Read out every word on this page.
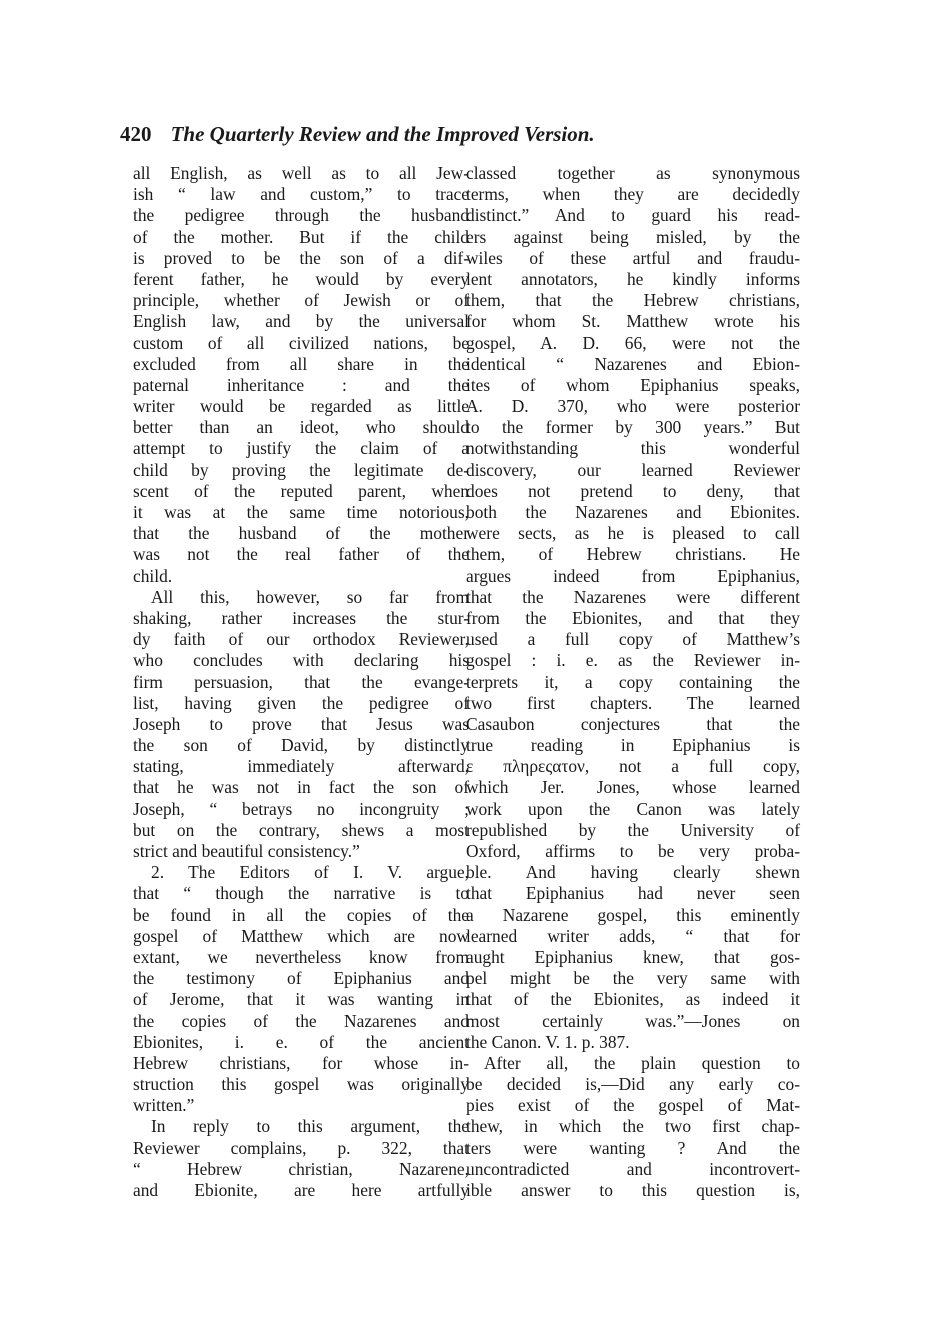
420 The Quarterly Review and the Improved Version.
all English, as well as to all Jew-
ish “ law and custom,” to trace
the pedigree through the husband
of the mother. But if the child
is proved to be the son of a dif-
ferent father, he would by every
principle, whether of Jewish or of
English law, and by the universal
custom of all civilized nations, be
excluded from all share in the
paternal inheritance : and the
writer would be regarded as little
better than an ideot, who should
attempt to justify the claim of a
child by proving the legitimate de-
scent of the reputed parent, when
it was at the same time notorious,
that the husband of the mother
was not the real father of the
child.
All this, however, so far from
shaking, rather increases the stur-
dy faith of our orthodox Reviewer,
who concludes with declaring his
firm persuasion, that the evange-
list, having given the pedigree of
Joseph to prove that Jesus was
the son of David, by distinctly
stating, immediately afterward,
that he was not in fact the son of
Joseph, “ betrays no incongruity ;
but on the contrary, shews a most
strict and beautiful consistency.”
2. The Editors of I. V. argue,
that “ though the narrative is to
be found in all the copies of the
gospel of Matthew which are now
extant, we nevertheless know from
the testimony of Epiphanius and
of Jerome, that it was wanting in
the copies of the Nazarenes and
Ebionites, i. e. of the ancient
Hebrew christians, for whose in-
struction this gospel was originally
written.”
In reply to this argument, the
Reviewer complains, p. 322, that
“ Hebrew christian, Nazarene,
and Ebionite, are here artfully
classed together as synonymous
terms, when they are decidedly
distinct.” And to guard his read-
ers against being misled, by the
wiles of these artful and fraudu-
lent annotators, he kindly informs
them, that the Hebrew christians,
for whom St. Matthew wrote his
gospel, A. D. 66, were not the
identical “ Nazarenes and Ebion-
ites of whom Epiphanius speaks,
A. D. 370, who were posterior
to the former by 300 years.” But
notwithstanding this wonderful
discovery, our learned Reviewer
does not pretend to deny, that
both the Nazarenes and Ebionites.
were sects, as he is pleased to call
them, of Hebrew christians. He
argues indeed from Epiphanius,
that the Nazarenes were different
from the Ebionites, and that they
used a full copy of Matthew’s
gospel : i. e. as the Reviewer in-
terprets it, a copy containing the
two first chapters. The learned
Casaubon conjectures that the
true reading in Epiphanius is
ε πληρεςατον, not a full copy,
which Jer. Jones, whose learned
work upon the Canon was lately
republished by the University of
Oxford, affirms to be very proba-
ble. And having clearly shewn
that Epiphanius had never seen
a Nazarene gospel, this eminently
learned writer adds, “ that for
aught Epiphanius knew, that gos-
pel might be the very same with
that of the Ebionites, as indeed it
most certainly was.”—Jones on
the Canon. V. 1. p. 387.
After all, the plain question to
be decided is,—Did any early co-
pies exist of the gospel of Mat-
thew, in which the two first chap-
ters were wanting ? And the
uncontradicted and incontrovert-
ible answer to this question is,
